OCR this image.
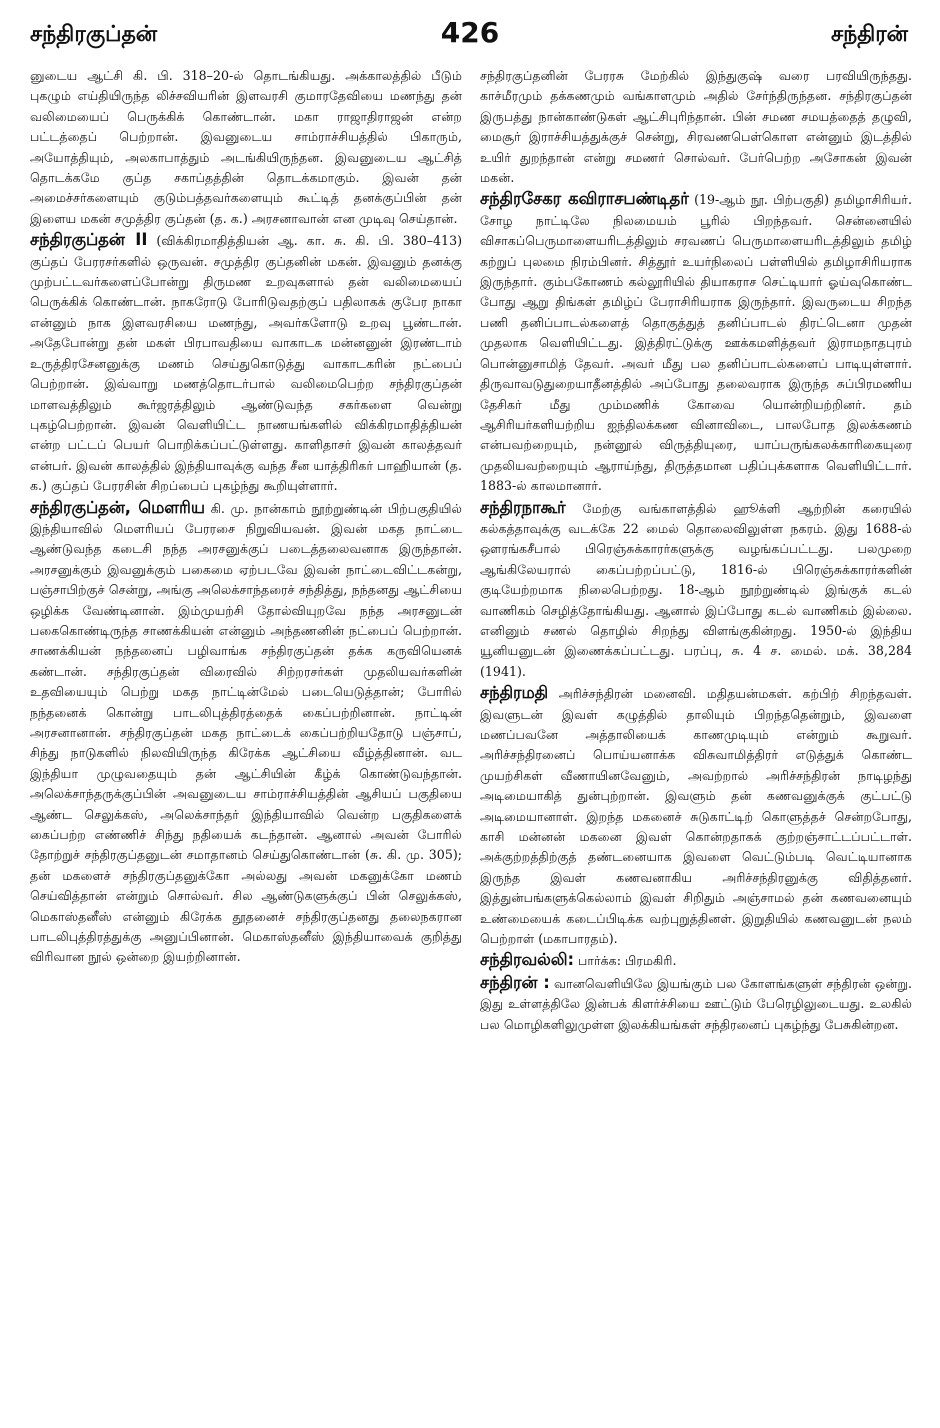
சந்திரகுப்தன்	426	சந்திரன்

னுடைய ஆட்சி கி. பி. 318–20-ல் தொடங்கியது. அக்காலத்தில் பீடும் புகழும் எய்தியிருந்த லிச்சவியரின் இளவரசி குமாரதேவியை மணந்து தன் வலிமையைப் பெருக்கிக் கொண்டான். மகா ராஜாதிராஜன் என்ற பட்டத்தைப் பெற்றான். இவனுடைய சாம்ராச்சியத்தில் பிகாரும், அயோத்தியும், அலகாபாத்தும் அடங்கியிருந்தன. இவனுடைய ஆட்சித் தொடக்கமே குப்த சகாப்தத்தின் தொடக்கமாகும். இவன் தன் அமைச்சர்களையும் குடும்பத்தவர்களையும் கூட்டித் தனக்குப்பின் தன் இளைய மகன் சமுத்திர குப்தன் (த. க.) அரசனாவான் என முடிவு செய்தான்.

சந்திரகுப்தன் II (விக்கிரமாதித்தியன் ஆ. கா. சு. கி. பி. 380–413) குப்தப் பேரரசர்களில் ஒருவன். சமுத்திர குப்தனின் மகன். இவனும் தனக்கு முற்பட்டவர்களைப்போன்று திருமண உறவுகளால் தன் வலிமையைப் பெருக்கிக் கொண்டான். நாகரோடு போரிடுவதற்குப் பதிலாகக் குபேர நாகா என்னும் நாக இளவரசியை மணந்து, அவர்களோடு உறவு பூண்டான். அதேபோன்று தன் மகள் பிரபாவதியை வாகாடக மன்னனுன் இரண்டாம் உருத்திரசேனனுக்கு மணம் செய்துகொடுத்து வாகாடகரின் நட்பைப் பெற்றான். இவ்வாறு மணத்தொடர்பால் வலிமைபெற்ற சந்திரகுப்தன் மாளவத்திலும் கூர்ஜரத்திலும் ஆண்டுவந்த சகர்களை வென்று புகழ்பெற்றான். இவன் வெளியிட்ட நாணயங்களில் விக்கிரமாதித்தியன் என்ற பட்டப் பெயர் பொறிக்கப்பட்டுள்ளது. காளிதாசர் இவன் காலத்தவர் என்பர். இவன் காலத்தில் இந்தியாவுக்கு வந்த சீன யாத்திரிகர் பாஹியான் (த. க.) குப்தப் பேரரசின் சிறப்பைப் புகழ்ந்து கூறியுள்ளார்.

சந்திரகுப்தன், மௌரிய கி. மு. நான்காம் நூற்றுண்டின் பிற்பகுதியில் இந்தியாவில் மௌரியப் பேரரசை நிறுவியவன். இவன் மகத நாட்டை ஆண்டுவந்த கடைசி நந்த அரசனுக்குப் படைத்தலைவனாக இருந்தான். அரசனுக்கும் இவனுக்கும் பகைமை ஏற்படவே இவன் நாட்டைவிட்டகன்று, பஞ்சாபிற்குச் சென்று, அங்கு அலெக்சாந்தரைச் சந்தித்து, நந்தனது ஆட்சியை ஒழிக்க வேண்டினான். இம்முயற்சி தோல்வியுறவே நந்த அரசனுடன் பகைகொண்டிருந்த சாணக்கியன் என்னும் அந்தணனின் நட்பைப் பெற்றான். சாணக்கியன் நந்தனைப் பழிவாங்க சந்திரகுப்தன் தக்க கருவியெனக் கண்டான். சந்திரகுப்தன் விரைவில் சிற்றரசர்கள் முதலியவர்களின் உதவியையும் பெற்று மகத நாட்டின்மேல் படையெடுத்தான்; போரில் நந்தனைக் கொன்று பாடலிபுத்திரத்தைக் கைப்பற்றினான். நாட்டின் அரசனானான். சந்திரகுப்தன் மகத நாட்டைக் கைப்பற்றியதோடு பஞ்சாப், சிந்து நாடுகளில் நிலவியிருந்த கிரேக்க ஆட்சியை வீழ்த்தினான். வட இந்தியா முழுவதையும் தன் ஆட்சியின் கீழ்க் கொண்டுவந்தான். அலெக்சாந்தருக்குப்பின் அவனுடைய சாம்ராச்சியத்தின் ஆசியப் பகுதியை ஆண்ட செலுக்கஸ், அலெக்சாந்தர் இந்தியாவில் வென்ற பகுதிகளைக் கைப்பற்ற எண்ணிச் சிந்து நதியைக் கடந்தான். ஆனால் அவன் போரில் தோற்றுச் சந்திரகுப்தனுடன் சமாதானம் செய்துகொண்டான் (சு. கி. மு. 305); தன் மகளைச் சந்திரகுப்தனுக்கோ அல்லது அவன் மகனுக்கோ மணம் செய்வித்தான் என்றும் சொல்வர். சில ஆண்டுகளுக்குப் பின் செலுக்கஸ், மெகாஸ்தனீஸ் என்னும் கிரேக்க தூதனைச் சந்திரகுப்தனது தலைநகரான பாடலிபுத்திரத்துக்கு அனுப்பினான். மெகாஸ்தனீஸ் இந்தியாவைக் குறித்து விரிவான நூல் ஒன்றை இயற்றினான்.

சந்திரகுப்தனின் பேரரசு மேற்கில் இந்துகுஷ் வரை பரவியிருந்தது. காச்மீரமும் தக்கணமும் வங்காளமும் அதில் சேர்ந்திருந்தன. சந்திரகுப்தன் இருபத்து நான்காண்டுகள் ஆட்சிபுரிந்தான். பின் சமண சமயத்தைத் தழுவி, மைசூர் இராச்சியத்துக்குச் சென்று, சிரவணபெள்கொள என்னும் இடத்தில் உயிர் துறந்தான் என்று சமணர் சொல்வர். பேர்பெற்ற அசோகன் இவன் மகன்.

சந்திரசேகர கவிராசபண்டிதர் (19-ஆம் நூ. பிற்பகுதி) தமிழாசிரியர். சோழ நாட்டிலே நிலமையம் பூரில் பிறந்தவர். சென்னையில் விசாகப்பெருமாளையரிடத்திலும் சரவணப் பெருமாளையரிடத்திலும் தமிழ் கற்றுப் புலமை நிரம்பினர். சித்தூர் உயர்நிலைப் பள்ளியில் தமிழாசிரியராக இருந்தார். கும்பகோணம் கல்லூரியில் தியாகராச செட்டியார் ஓய்வுகொண்ட போது ஆறு திங்கள் தமிழ்ப் பேராசிரியராக இருந்தார். இவருடைய சிறந்த பணி தனிப்பாடல்களைத் தொகுத்துத் தனிப்பாடல் திரட்டெனா முதன் முதலாக வெளியிட்டது. இத்திரட்டுக்கு ஊக்கமளித்தவர் இராமநாதபுரம் பொன்னுசாமித் தேவர். அவர் மீது பல தனிப்பாடல்களைப் பாடியுள்ளார். திருவாவடுதுறையாதீனத்தில் அப்போது தலைவராக இருந்த சுப்பிரமணிய தேசிகர் மீது மும்மணிக் கோவை யொன்றியற்றினர். தம் ஆசிரியர்களியற்றிய ஐந்திலக்கண வினாவிடை, பாலபோத இலக்கணம் என்பவற்றையும், நன்னூல் விருத்தியுரை, யாப்பருங்கலக்காரிகையுரை முதலியவற்றையும் ஆராய்ந்து, திருத்தமான பதிப்புக்களாக வெளியிட்டார். 1883-ல் காலமானார்.

சந்திரநாகூர் மேற்கு வங்காளத்தில் ஹூக்ளி ஆற்றின் கரையில் கல்கத்தாவுக்கு வடக்கே 22 மைல் தொலைவிலுள்ள நகரம். இது 1688-ல் ஔரங்கசீபால் பிரெஞ்சுக்காரர்களுக்கு வழங்கப்பட்டது. பலமுறை ஆங்கிலேயரால் கைப்பற்றப்பட்டு, 1816-ல் பிரெஞ்சுக்காரர்களின் குடியேற்றமாக நிலைபெற்றது. 18-ஆம் நூற்றுண்டில் இங்குக் கடல் வாணிகம் செழித்தோங்கியது. ஆனால் இப்போது கடல் வாணிகம் இல்லை. எனினும் சணல் தொழில் சிறந்து விளங்குகின்றது. 1950-ல் இந்திய யூனியனுடன் இணைக்கப்பட்டது. பரப்பு, சு. 4 ச. மைல். மக். 38,284 (1941).

சந்திரமதி அரிச்சந்திரன் மனைவி. மதிதயன்மகள். கற்பிற் சிறந்தவள். இவளுடன் இவள் கழுத்தில் தாலியும் பிறந்ததென்றும், இவளை மணப்பவனே அத்தாலியைக் காணமுடியும் என்றும் கூறுவர். அரிச்சந்திரனைப் பொய்யனாக்க விசுவாமித்திரர் எடுத்துக் கொண்ட முயற்சிகள் வீணாயினவேனும், அவற்றால் அரிச்சந்திரன் நாடிழந்து அடிமையாகித் துன்புற்றான். இவளும் தன் கணவனுக்குக் குட்பட்டு அடிமையானாள். இறந்த மகனைச் சுடுகாட்டிற் கொளுத்தச் சென்றபோது, காசி மன்னன் மகனை இவள் கொன்றதாகக் குற்றஞ்சாட்டப்பட்டாள். அக்குற்றத்திற்குத் தண்டனையாக இவளை வெட்டும்படி வெட்டியானாக இருந்த இவள் கணவனாகிய அரிச்சந்திரனுக்கு விதித்தனர். இத்துன்பங்களுக்கெல்லாம் இவள் சிறிதும் அஞ்சாமல் தன் கணவனையும் உண்மையைக் கடைப்பிடிக்க வற்புறுத்தினள். இறுதியில் கணவனுடன் நலம் பெற்றாள் (மகாபாரதம்).

சந்திரவல்லி: பார்க்க: பிரமகிரி.

சந்திரன் : வானவெளியிலே இயங்கும் பல கோளங்களுள் சந்திரன் ஒன்று. இது உள்ளத்திலே இன்பக் கிளர்ச்சியை ஊட்டும் பேரெழிலுடையது. உலகில் பல மொழிகளிலுமுள்ள இலக்கியங்கள் சந்திரனைப் புகழ்ந்து பேசுகின்றன.
